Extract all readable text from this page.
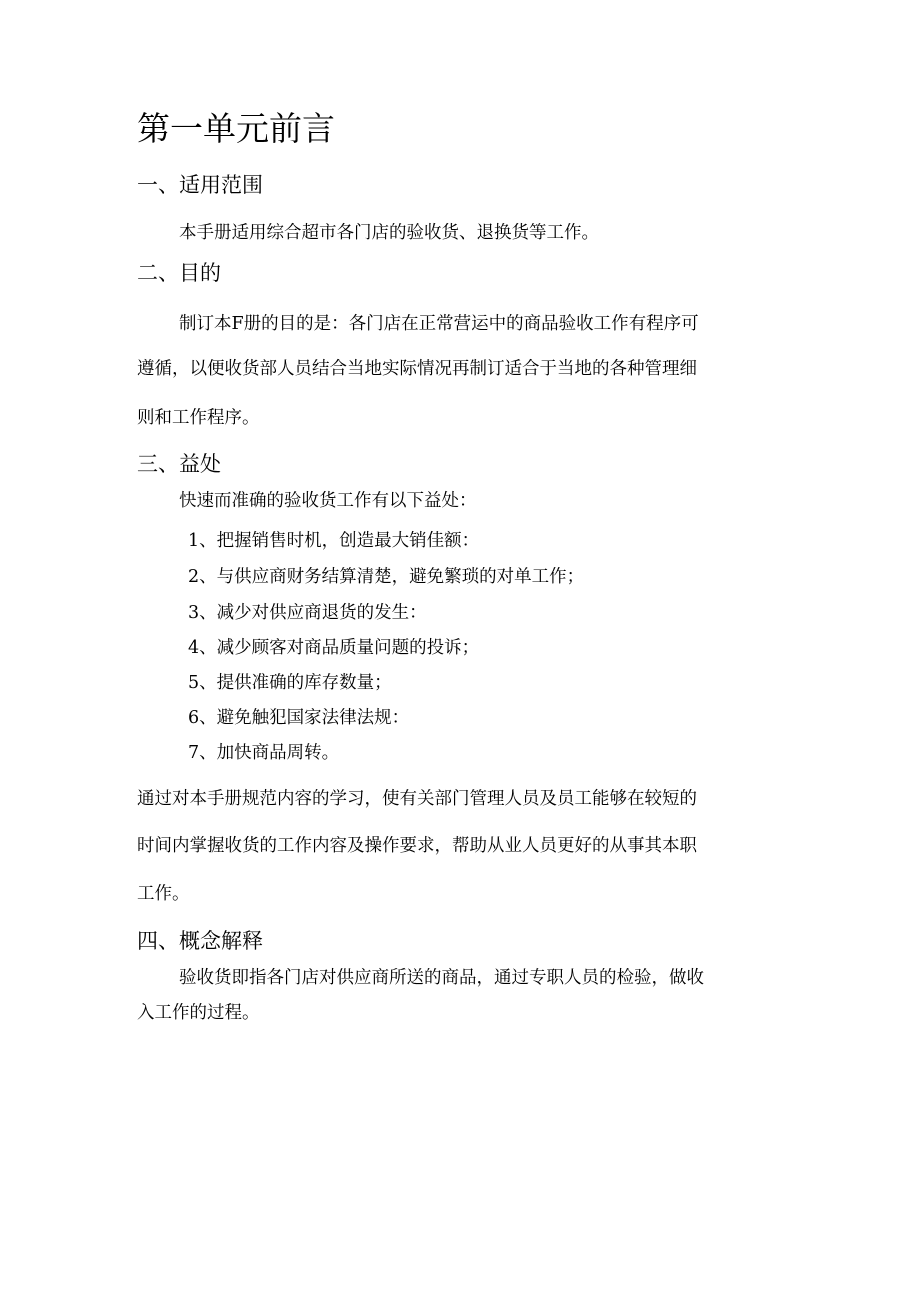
第一单元前言
一、适用范围

本手册适用综合超市各门店的验收货、退换货等工作。

二、目的

制订本F册的目的是：各门店在正常营运中的商品验收工作有程序可

遵循，以便收货部人员结合当地实际情况再制订适合于当地的各种管理细

则和工作程序。

三、益处

快速而准确的验收货工作有以下益处：

1、把握销售时机，创造最大销佳额：

2、与供应商财务结算清楚，避免繁琐的对单工作；

3、减少对供应商退货的发生：

4、减少顾客对商品质量问题的投诉；

5、提供准确的库存数量；

6、避免触犯国家法律法规：

7、加快商品周转。

通过对本手册规范内容的学习，使有关部门管理人员及员工能够在较短的

时间内掌握收货的工作内容及操作要求，帮助从业人员更好的从事其本职

工作。

四、概念解释

验收货即指各门店对供应商所送的商品，通过专职人员的检验，做收

入工作的过程。
